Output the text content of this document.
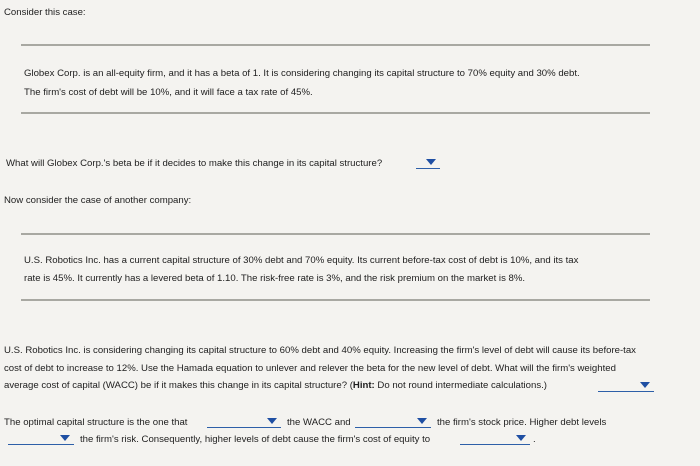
Consider this case:
Globex Corp. is an all-equity firm, and it has a beta of 1. It is considering changing its capital structure to 70% equity and 30% debt.
The firm's cost of debt will be 10%, and it will face a tax rate of 45%.
What will Globex Corp.'s beta be if it decides to make this change in its capital structure?
Now consider the case of another company:
U.S. Robotics Inc. has a current capital structure of 30% debt and 70% equity. Its current before-tax cost of debt is 10%, and its tax
rate is 45%. It currently has a levered beta of 1.10. The risk-free rate is 3%, and the risk premium on the market is 8%.
U.S. Robotics Inc. is considering changing its capital structure to 60% debt and 40% equity. Increasing the firm's level of debt will cause its before-tax
cost of debt to increase to 12%. Use the Hamada equation to unlever and relever the beta for the new level of debt. What will the firm's weighted
average cost of capital (WACC) be if it makes this change in its capital structure? (Hint: Do not round intermediate calculations.)
The optimal capital structure is the one that	the WACC and	the firm's stock price. Higher debt levels
the firm's risk. Consequently, higher levels of debt cause the firm's cost of equity to	.
